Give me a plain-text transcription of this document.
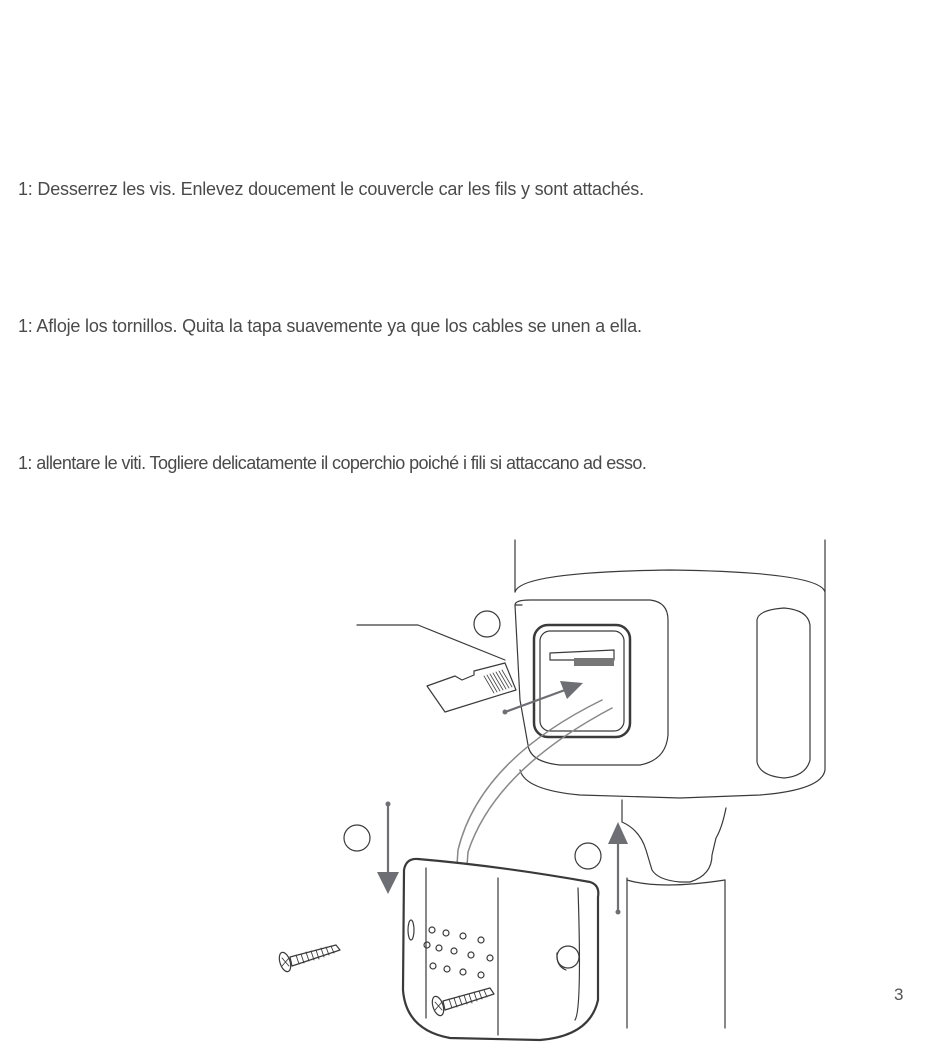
1: Desserrez les vis. Enlevez doucement le couvercle car les fils y sont attachés.

1: Afloje los tornillos. Quita la tapa suavemente ya que los cables se unen a ella.

1: allentare le viti. Togliere delicatamente il coperchio poiché i fili si attaccano ad esso.

3
